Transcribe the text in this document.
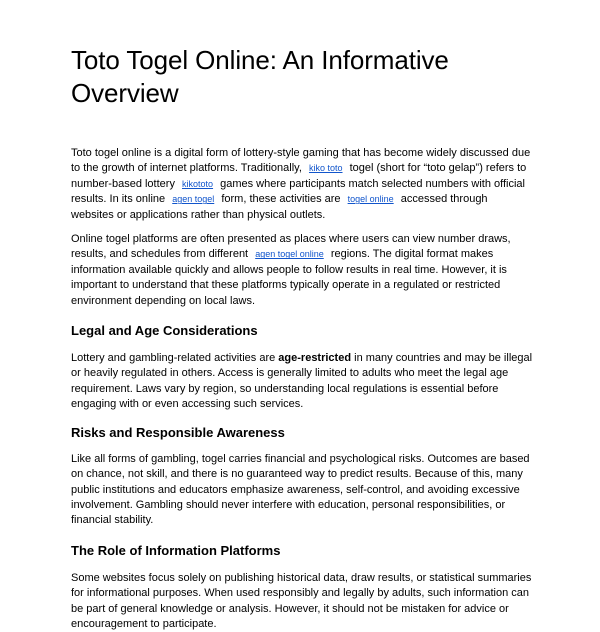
Toto Togel Online: An Informative Overview

Toto togel online is a digital form of lottery-style gaming that has become widely discussed due to the growth of internet platforms. Traditionally, kiko toto togel (short for “toto gelap”) refers to number-based lottery kikototo games where participants match selected numbers with official results. In its online agen togel form, these activities are togel online accessed through websites or applications rather than physical outlets.

Online togel platforms are often presented as places where users can view number draws, results, and schedules from different agen togel online regions. The digital format makes information available quickly and allows people to follow results in real time. However, it is important to understand that these platforms typically operate in a regulated or restricted environment depending on local laws.

Legal and Age Considerations

Lottery and gambling-related activities are age-restricted in many countries and may be illegal or heavily regulated in others. Access is generally limited to adults who meet the legal age requirement. Laws vary by region, so understanding local regulations is essential before engaging with or even accessing such services.

Risks and Responsible Awareness

Like all forms of gambling, togel carries financial and psychological risks. Outcomes are based on chance, not skill, and there is no guaranteed way to predict results. Because of this, many public institutions and educators emphasize awareness, self-control, and avoiding excessive involvement. Gambling should never interfere with education, personal responsibilities, or financial stability.

The Role of Information Platforms

Some websites focus solely on publishing historical data, draw results, or statistical summaries for informational purposes. When used responsibly and legally by adults, such information can be part of general knowledge or analysis. However, it should not be mistaken for advice or encouragement to participate.
